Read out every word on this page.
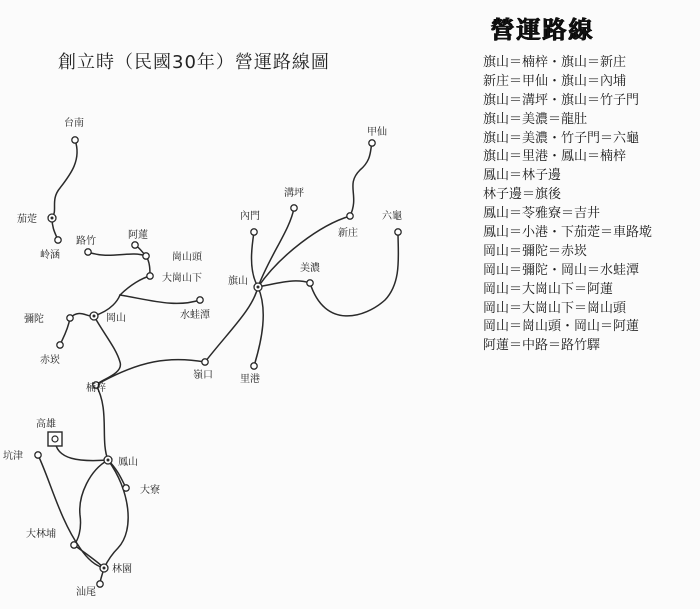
創立時（民國30年）營運路線圖
台南
茄萣
岭涵
路竹
阿蓮
崗山頭
大崗山下
彌陀	岡山	水蛙潭
赤崁
楠梓
嶺口
高雄
鳳山
坑津
大寮
大林埔
林園
汕尾
內門
溝坪
旗山
美濃
里港
新庄
甲仙
六龜
營運路線
旗山＝楠梓・旗山＝新庄
新庄＝甲仙・旗山＝內埔
旗山＝溝坪・旗山＝竹子門
旗山＝美濃＝龍肚
旗山＝美濃・竹子門＝六龜
旗山＝里港・鳳山＝楠梓
鳳山＝林子邊
林子邊＝旗後
鳳山＝苓雅寮＝吉井
鳳山＝小港・下茄萣＝車路墘
岡山＝彌陀＝赤崁
岡山＝彌陀・岡山＝水蛙潭
岡山＝大崗山下＝阿蓮
岡山＝大崗山下＝崗山頭
岡山＝崗山頭・岡山＝阿蓮
阿蓮＝中路＝路竹驛
